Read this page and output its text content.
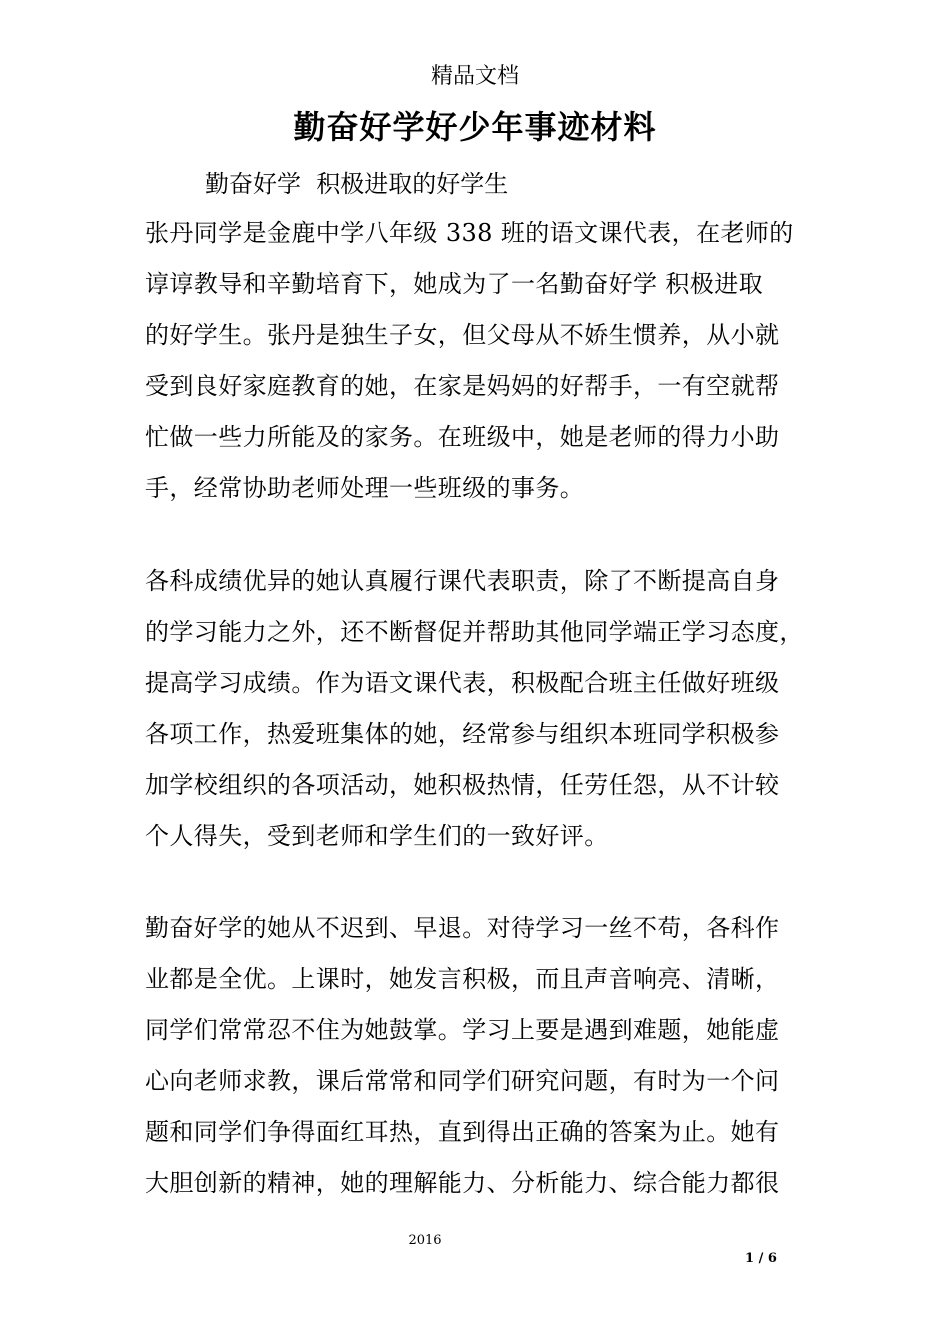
精品文档
勤奋好学好少年事迹材料
勤奋好学  积极进取的好学生
张丹同学是金鹿中学八年级 338 班的语文课代表，在老师的
谆谆教导和辛勤培育下，她成为了一名勤奋好学 积极进取
的好学生。张丹是独生子女，但父母从不娇生惯养，从小就
受到良好家庭教育的她，在家是妈妈的好帮手，一有空就帮
忙做一些力所能及的家务。在班级中，她是老师的得力小助
手，经常协助老师处理一些班级的事务。
各科成绩优异的她认真履行课代表职责，除了不断提高自身
的学习能力之外，还不断督促并帮助其他同学端正学习态度，
提高学习成绩。作为语文课代表，积极配合班主任做好班级
各项工作，热爱班集体的她，经常参与组织本班同学积极参
加学校组织的各项活动，她积极热情，任劳任怨，从不计较
个人得失，受到老师和学生们的一致好评。
勤奋好学的她从不迟到、早退。对待学习一丝不苟，各科作
业都是全优。上课时，她发言积极，而且声音响亮、清晰，
同学们常常忍不住为她鼓掌。学习上要是遇到难题，她能虚
心向老师求教，课后常常和同学们研究问题，有时为一个问
题和同学们争得面红耳热，直到得出正确的答案为止。她有
大胆创新的精神，她的理解能力、分析能力、综合能力都很
2016
1 / 6
